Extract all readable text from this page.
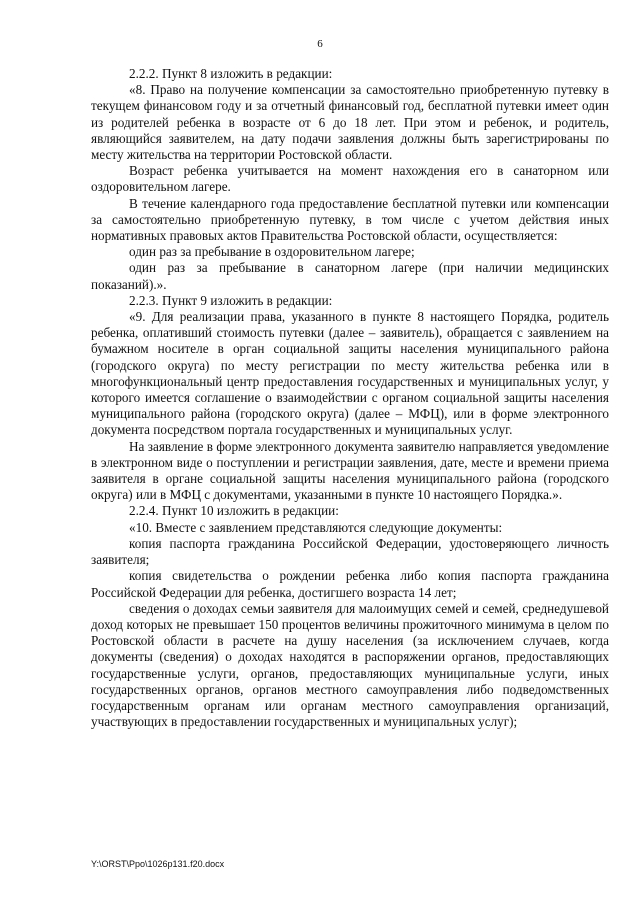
6

2.2.2. Пункт 8 изложить в редакции:

«8. Право на получение компенсации за самостоятельно приобретенную путевку в текущем финансовом году и за отчетный финансовый год, бесплатной путевки имеет один из родителей ребенка в возрасте от 6 до 18 лет. При этом и ребенок, и родитель, являющийся заявителем, на дату подачи заявления должны быть зарегистрированы по месту жительства на территории Ростовской области.

Возраст ребенка учитывается на момент нахождения его в санаторном или оздоровительном лагере.

В течение календарного года предоставление бесплатной путевки или компенсации за самостоятельно приобретенную путевку, в том числе с учетом действия иных нормативных правовых актов Правительства Ростовской области, осуществляется:

один раз за пребывание в оздоровительном лагере;

один раз за пребывание в санаторном лагере (при наличии медицинских показаний).».

2.2.3. Пункт 9 изложить в редакции:

«9. Для реализации права, указанного в пункте 8 настоящего Порядка, родитель ребенка, оплативший стоимость путевки (далее – заявитель), обращается с заявлением на бумажном носителе в орган социальной защиты населения муниципального района (городского округа) по месту регистрации по месту жительства ребенка или в многофункциональный центр предоставления государственных и муниципальных услуг, у которого имеется соглашение о взаимодействии с органом социальной защиты населения муниципального района (городского округа) (далее – МФЦ), или в форме электронного документа посредством портала государственных и муниципальных услуг.

На заявление в форме электронного документа заявителю направляется уведомление в электронном виде о поступлении и регистрации заявления, дате, месте и времени приема заявителя в органе социальной защиты населения муниципального района (городского округа) или в МФЦ с документами, указанными в пункте 10 настоящего Порядка.».

2.2.4. Пункт 10 изложить в редакции:

«10. Вместе с заявлением представляются следующие документы:

копия паспорта гражданина Российской Федерации, удостоверяющего личность заявителя;

копия свидетельства о рождении ребенка либо копия паспорта гражданина Российской Федерации для ребенка, достигшего возраста 14 лет;

сведения о доходах семьи заявителя для малоимущих семей и семей, среднедушевой доход которых не превышает 150 процентов величины прожиточного минимума в целом по Ростовской области в расчете на душу населения (за исключением случаев, когда документы (сведения) о доходах находятся в распоряжении органов, предоставляющих государственные услуги, органов, предоставляющих муниципальные услуги, иных государственных органов, органов местного самоуправления либо подведомственных государственным органам или органам местного самоуправления организаций, участвующих в предоставлении государственных и муниципальных услуг);

Y:\ORST\Ppo\1026p131.f20.docx
